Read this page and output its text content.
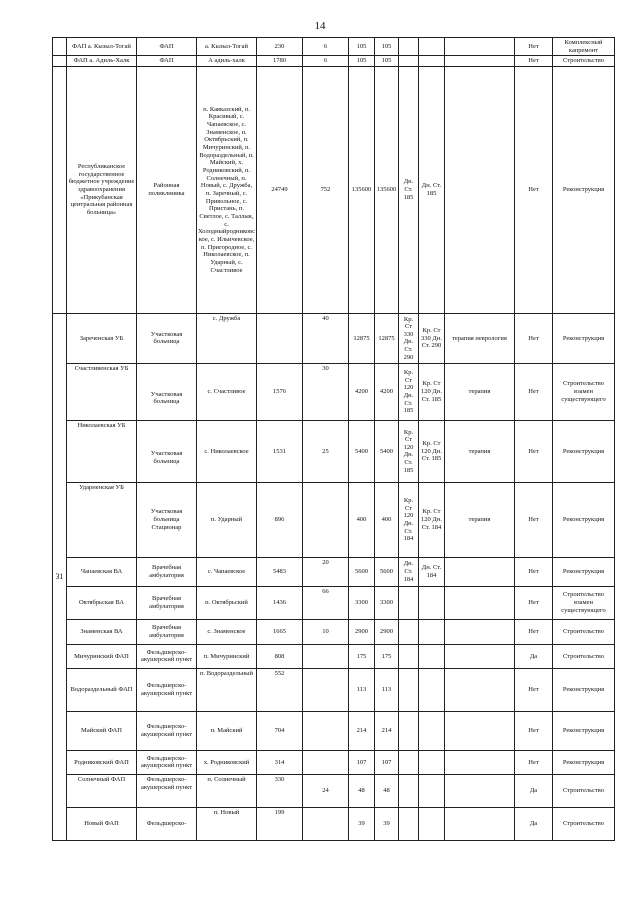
14
	ФАП а. Кызыл-Тогай	ФАП	а. Кызыл-Тогай	230	6	105	105				Нет	Комплексный капремонт
	ФАП а. Адиль-Халк	ФАП	А адиль-халк	1780	6	105	105				Нет	Строительство
	Республиканское государственное бюджетное учреждение здравоохранения «Прикубанская центральная районная больница»	Районная поликлиника	п. Кавказский, п. Красивый, с. Чапаевское, с. Знаменское, п. Октябрьский, п. Мичуринский, п. Водораздельный, п. Майский, х. Родниковский, п. Солнечный, п. Новый, с. Дружба, п. Заречный, с. Привольное, с. Пристань, п. Светлое, с. Таллык, с. Холодныйродниковское, с. Ильичевское, п. Пригородное, с. Николаевское, п. Ударный, с. Счастливое	24749	752	135600	135600	Дн. Ст. 185	Дн. Ст. 185		Нет	Реконструкция
31	Зареченская УБ	Участковая больница	с. Дружба		40	12875	12875	Кр. Ст 330 Дн. Ст. 290	Кр. Ст 330 Дн. Ст. 290	терапия неврология	Нет	Реконструкция
	Счастливенская УБ	Участковая больница	с. Счастливое	1576	30	4200	4200	Кр. Ст 120 Дн. Ст. 185	Кр. Ст 120 Дн. Ст. 185	терапия	Нет	Строительство взамен существующего
	Николаевская УБ	Участковая больница	с. Николаевское	1531	25	5400	5400	Кр. Ст 120 Дн. Ст. 185	Кр. Ст 120 Дн. Ст. 185	терапия	Нет	Реконструкция
	Ударненская УБ	Участковая больница Стационар	п. Ударный	896		400	400	Кр. Ст 120 Дн. Ст. 184	Кр. Ст 120 Дн. Ст. 184	терапия	Нет	Реконструкция
	Чапаевская ВА	Врачебная амбулатория	с. Чапаевское	5483	20	5600	5600	Дн. Ст. 184	Дн. Ст. 184		Нет	Реконструкция
	Октябрьская ВА	Врачебная амбулатория	п. Октябрьский	1436	66	3300	3300				Нет	Строительство взамен существующего
	Знаменская ВА	Врачебная амбулатория	с. Знаменское	1665	10	2900	2900				Нет	Строительство
	Мичуринский ФАП	Фельдшерско-акушерский пункт	п. Мичуринский	808		175	175				Да	Строительство
	Водораздельный ФАП	Фельдшерско-акушерский пункт	п. Водораздельный	552		113	113				Нет	Реконструкция
	Майский ФАП	Фельдшерско-акушерский пункт	п. Майский	704		214	214				Нет	Реконструкция
	Родниковский ФАП	Фельдшерско-акушерский пункт	х. Родниковский	314		107	107				Нет	Реконструкция
	Солнечный ФАП	Фельдшерско-акушерский пункт	п. Солнечный	330	24	48	48				Да	Строительство
	Новый ФАП	Фельдшерско-	п. Новый	199		39	39				Да	Строительство
